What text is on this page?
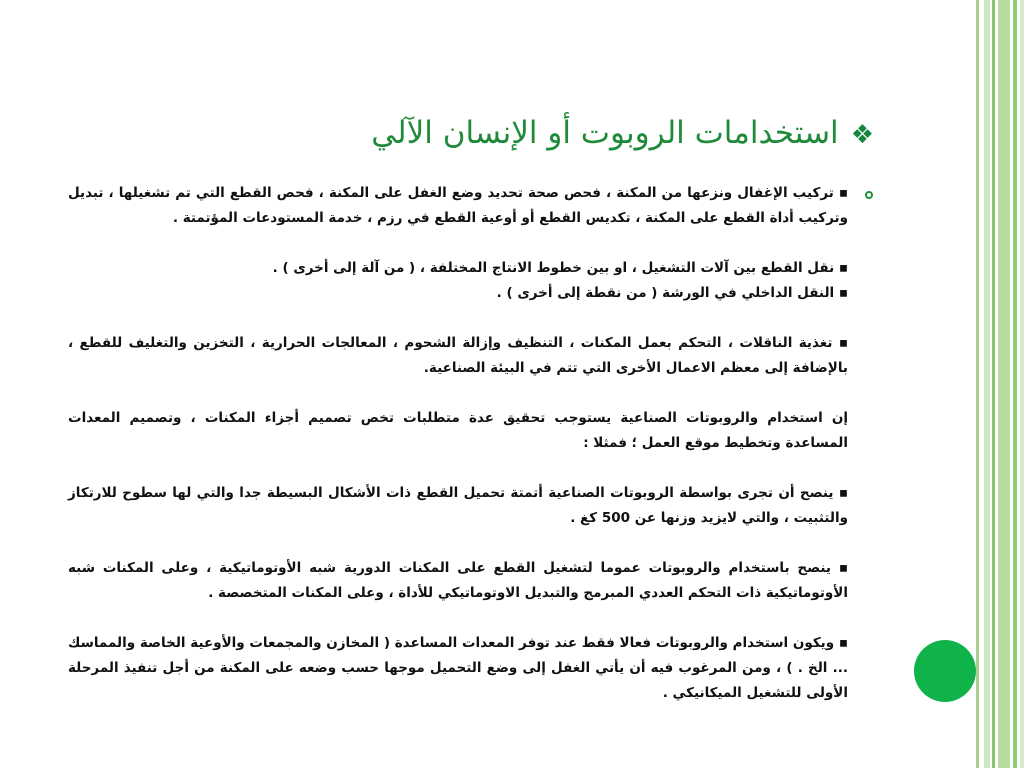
❖استخدامات الروبوت أو الإنسان الآلي

▪ تركيب الإغفال ونزعها من المكنة ، فحص صحة تحديد وضع الغفل على المكنة ، فحص القطع التي تم تشغيلها ، تبديل وتركيب أداة القطع على المكنة ، تكديس القطع أو أوعية القطع في رزم ، خدمة المستودعات المؤتمتة .

▪ نقل القطع بين آلات التشغيل ، او بين خطوط الانتاج المختلفة ، ( من آلة إلى أخرى ) .

▪ النقل الداخلي في الورشة ( من نقطة إلى أخرى ) .

▪ تغذية الناقلات ، التحكم بعمل المكنات ، التنظيف وإزالة الشحوم ، المعالجات الحرارية ، التخزين والتغليف للقطع ، بالإضافة إلى معظم الاعمال الأخرى التي تتم في البيئة الصناعية.

إن استخدام والروبوتات الصناعية يستوجب تحقيق عدة متطلبات تخص تصميم أجزاء المكنات ، وتصميم المعدات المساعدة وتخطيط موقع العمل ؛ فمثلا :

▪ ينصح أن تجرى بواسطة الروبوتات الصناعية أتمتة تحميل القطع ذات الأشكال البسيطة جدا والتي لها سطوح للارتكاز والتثبيت ، والتي لايزيد وزنها عن 500 كغ .

▪ ينصح باستخدام والروبوتات عموما لتشغيل القطع على المكنات الدورية شبه الأوتوماتيكية ، وعلى المكنات شبه الأوتوماتيكية ذات التحكم العددي المبرمج والتبديل الاوتوماتيكي للأداة ، وعلى المكنات المتخصصة .

▪ ويكون استخدام والروبوتات فعالا فقط عند توفر المعدات المساعدة ( المخازن والمجمعات والأوعية الخاصة والمماسك ... الخ . ) ، ومن المرغوب فيه أن يأتي الغفل إلى وضع التحميل موجها حسب وضعه على المكنة من أجل تنفيذ المرحلة الأولى للتشغيل الميكانيكي .
